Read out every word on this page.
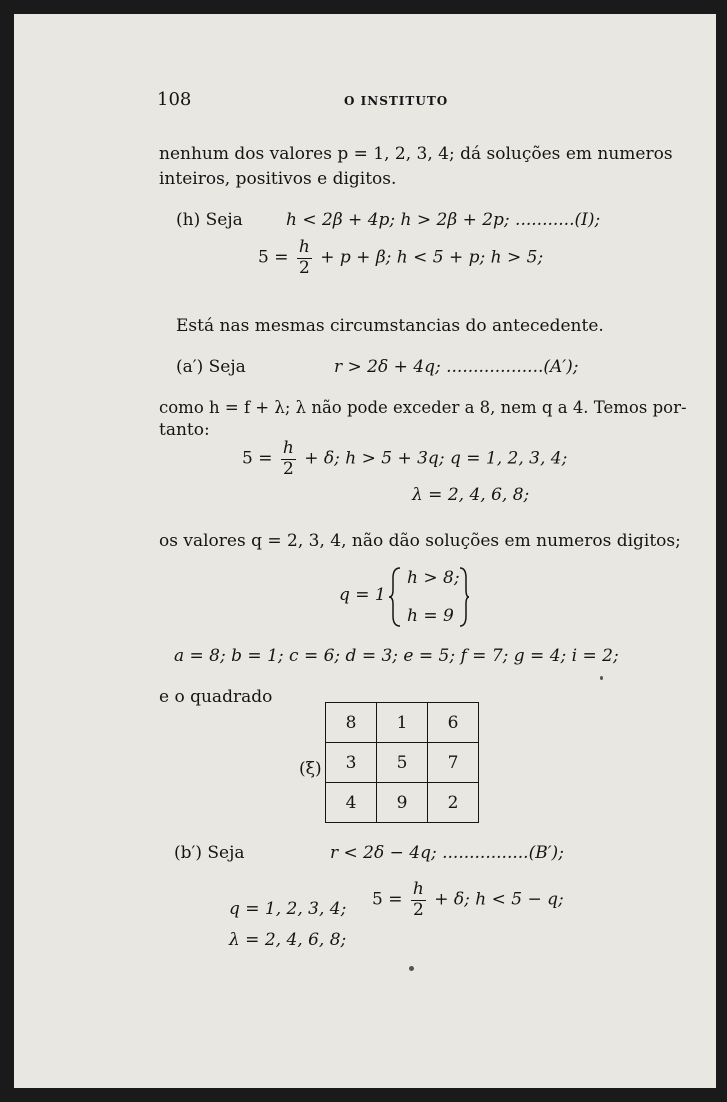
108	O INSTITUTO
nenhum dos valores p = 1, 2, 3, 4; dá soluções em numeros
inteiros, positivos e digitos.
(h) Seja	h < 2β + 4p; h > 2β + 2p; ...........(I);
$5 = \frac{h}{2} + p + \beta$; h < 5 + p; h > 5;
Está nas mesmas circumstancias do antecedente.
(a′) Seja	r > 2δ + 4q; ..................(A′);
como h = f + λ; λ não pode exceder a 8, nem q a 4. Temos por-
tanto:
$5 = \frac{h}{2} + \delta$; h > 5 + 3q; q = 1, 2, 3, 4;
λ = 2, 4, 6, 8;
os valores q = 2, 3, 4, não dão soluções em numeros digitos;
q = 1
h > 8;
h = 9
a = 8; b = 1; c = 6; d = 3; e = 5; f = 7; g = 4; i = 2;
e o quadrado
(ξ)
8	1	6
3	5	7
4	9	2
(b′) Seja	r < 2δ − 4q; ................(B′);
q = 1, 2, 3, 4; $5 = \frac{h}{2} + \delta$; h < 5 − q;
λ = 2, 4, 6, 8;
